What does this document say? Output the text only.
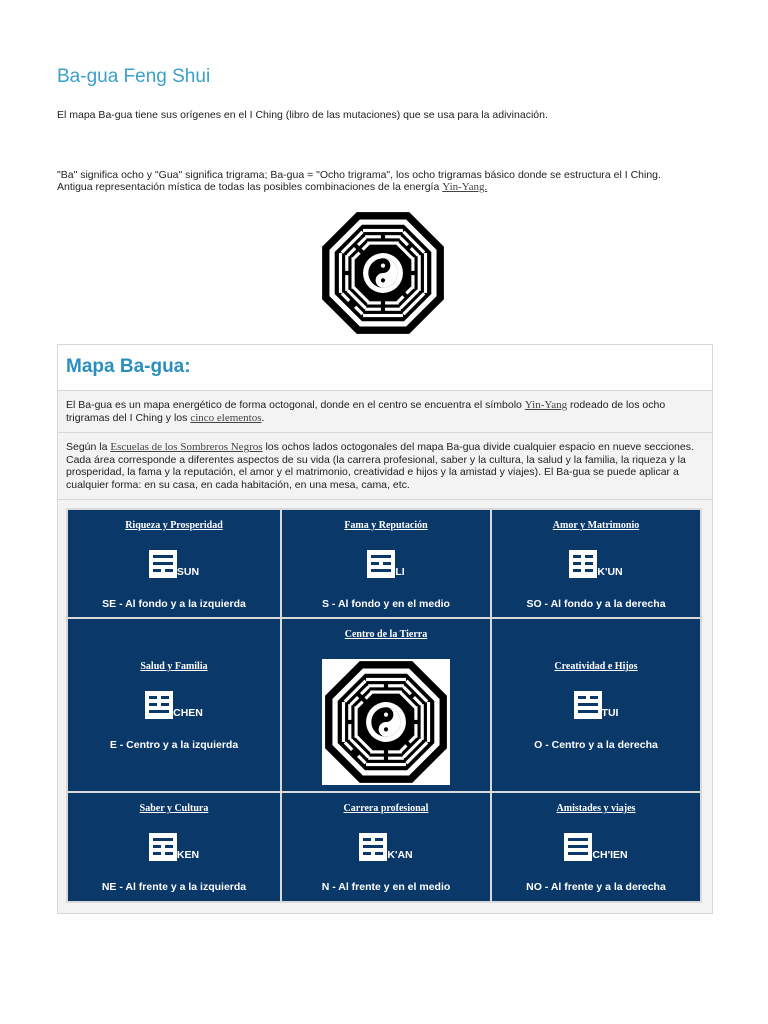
Ba-gua Feng Shui

El mapa Ba-gua tiene sus orígenes en el I Ching (libro de las mutaciones) que se usa para la adivinación.

"Ba" significa ocho y "Gua" significa trigrama; Ba-gua = "Ocho trigrama", los ocho trigramas básico donde se estructura el I Ching.
Antigua representación mística de todas las posibles combinaciones de la energía Yin-Yang.

Mapa Ba-gua:

El Ba-gua es un mapa energético de forma octogonal, donde en el centro se encuentra el símbolo Yin-Yang rodeado de los ocho trigramas del I Ching y los cinco elementos.

Según la Escuelas de los Sombreros Negros los ochos lados octogonales del mapa Ba-gua divide cualquier espacio en nueve secciones. Cada área corresponde a diferentes aspectos de su vida (la carrera profesional, saber y la cultura, la salud y la familia, la riqueza y la prosperidad, la fama y la reputación, el amor y el matrimonio, creatividad e hijos y la amistad y viajes). El Ba-gua se puede aplicar a cualquier forma: en su casa, en cada habitación, en una mesa, cama, etc.

Riqueza y Prosperidad
SUN
SE - Al fondo y a la izquierda
Fama y Reputación
LI
S - Al fondo y en el medio
Amor y Matrimonio
K'UN
SO - Al fondo y a la derecha
Salud y Familia
CHEN
E - Centro y a la izquierda
Centro de la Tierra
Creatividad e Hijos
TUI
O - Centro y a la derecha
Saber y Cultura
KEN
NE - Al frente y a la izquierda
Carrera profesional
K'AN
N - Al frente y en el medio
Amistades y viajes
CH'IEN
NO - Al frente y a la derecha
